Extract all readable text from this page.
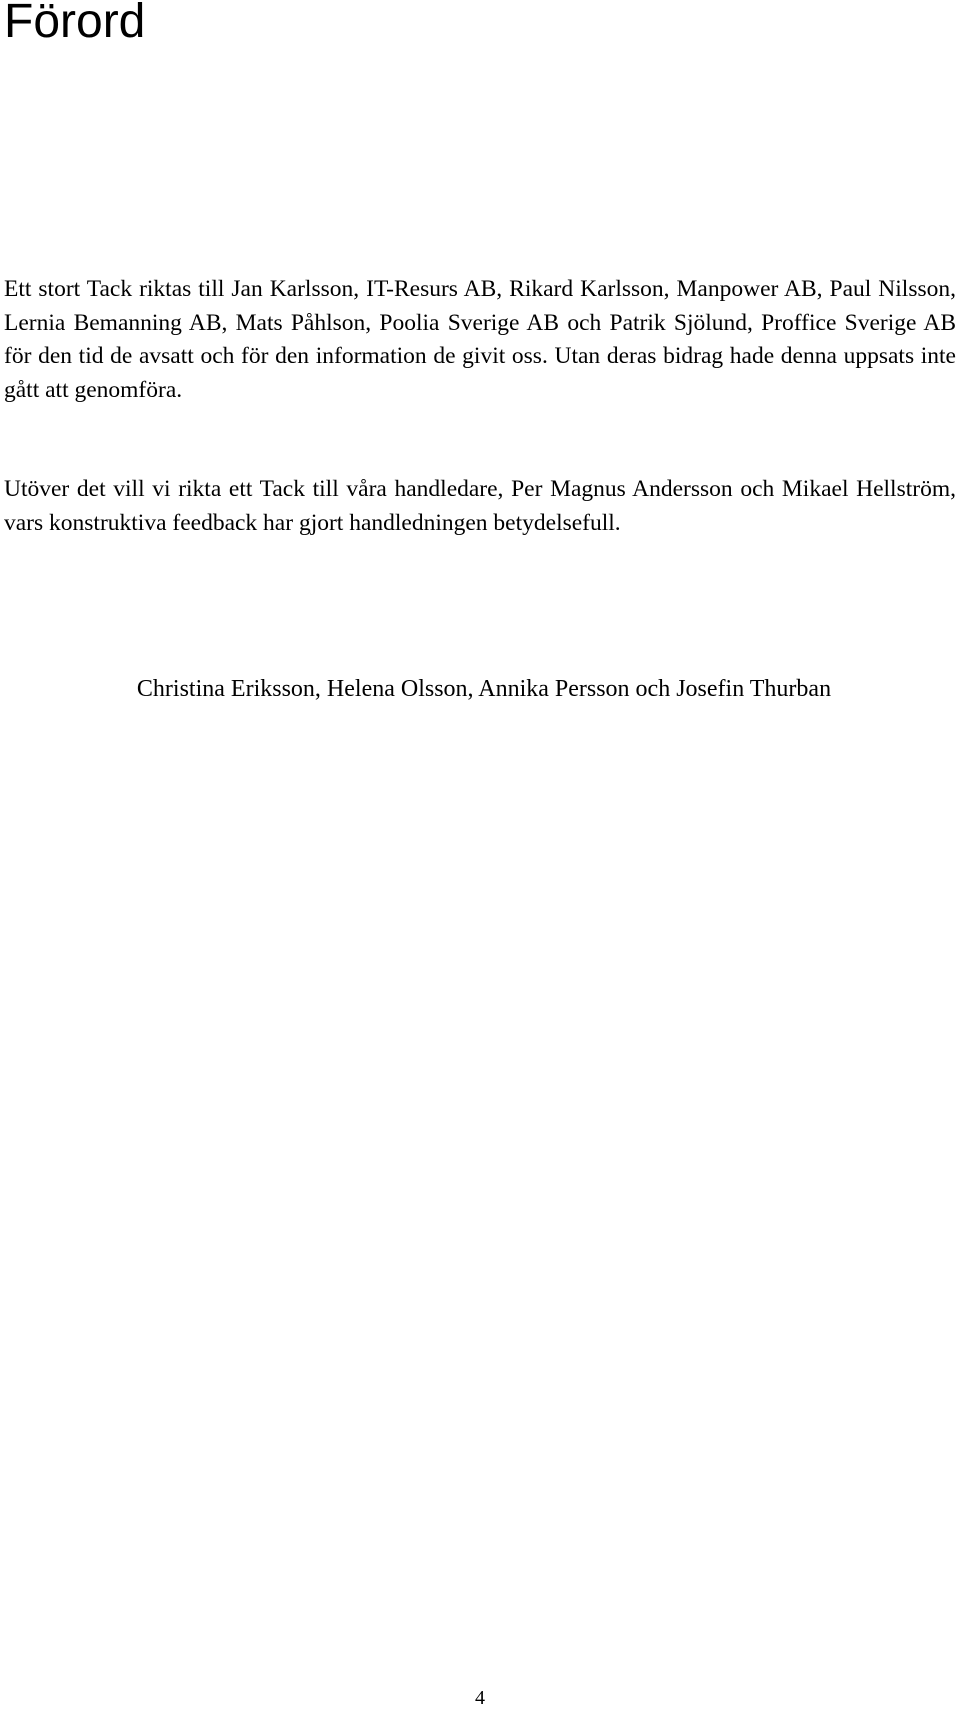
Förord

Ett stort Tack riktas till Jan Karlsson, IT-Resurs AB, Rikard Karlsson, Manpower AB, Paul Nilsson, Lernia Bemanning AB, Mats Påhlson, Poolia Sverige AB och Patrik Sjölund, Proffice Sverige AB för den tid de avsatt och för den information de givit oss. Utan deras bidrag hade denna uppsats inte gått att genomföra.

Utöver det vill vi rikta ett Tack till våra handledare, Per Magnus Andersson och Mikael Hellström, vars konstruktiva feedback har gjort handledningen betydelsefull.

Christina Eriksson, Helena Olsson, Annika Persson och Josefin Thurban

4
